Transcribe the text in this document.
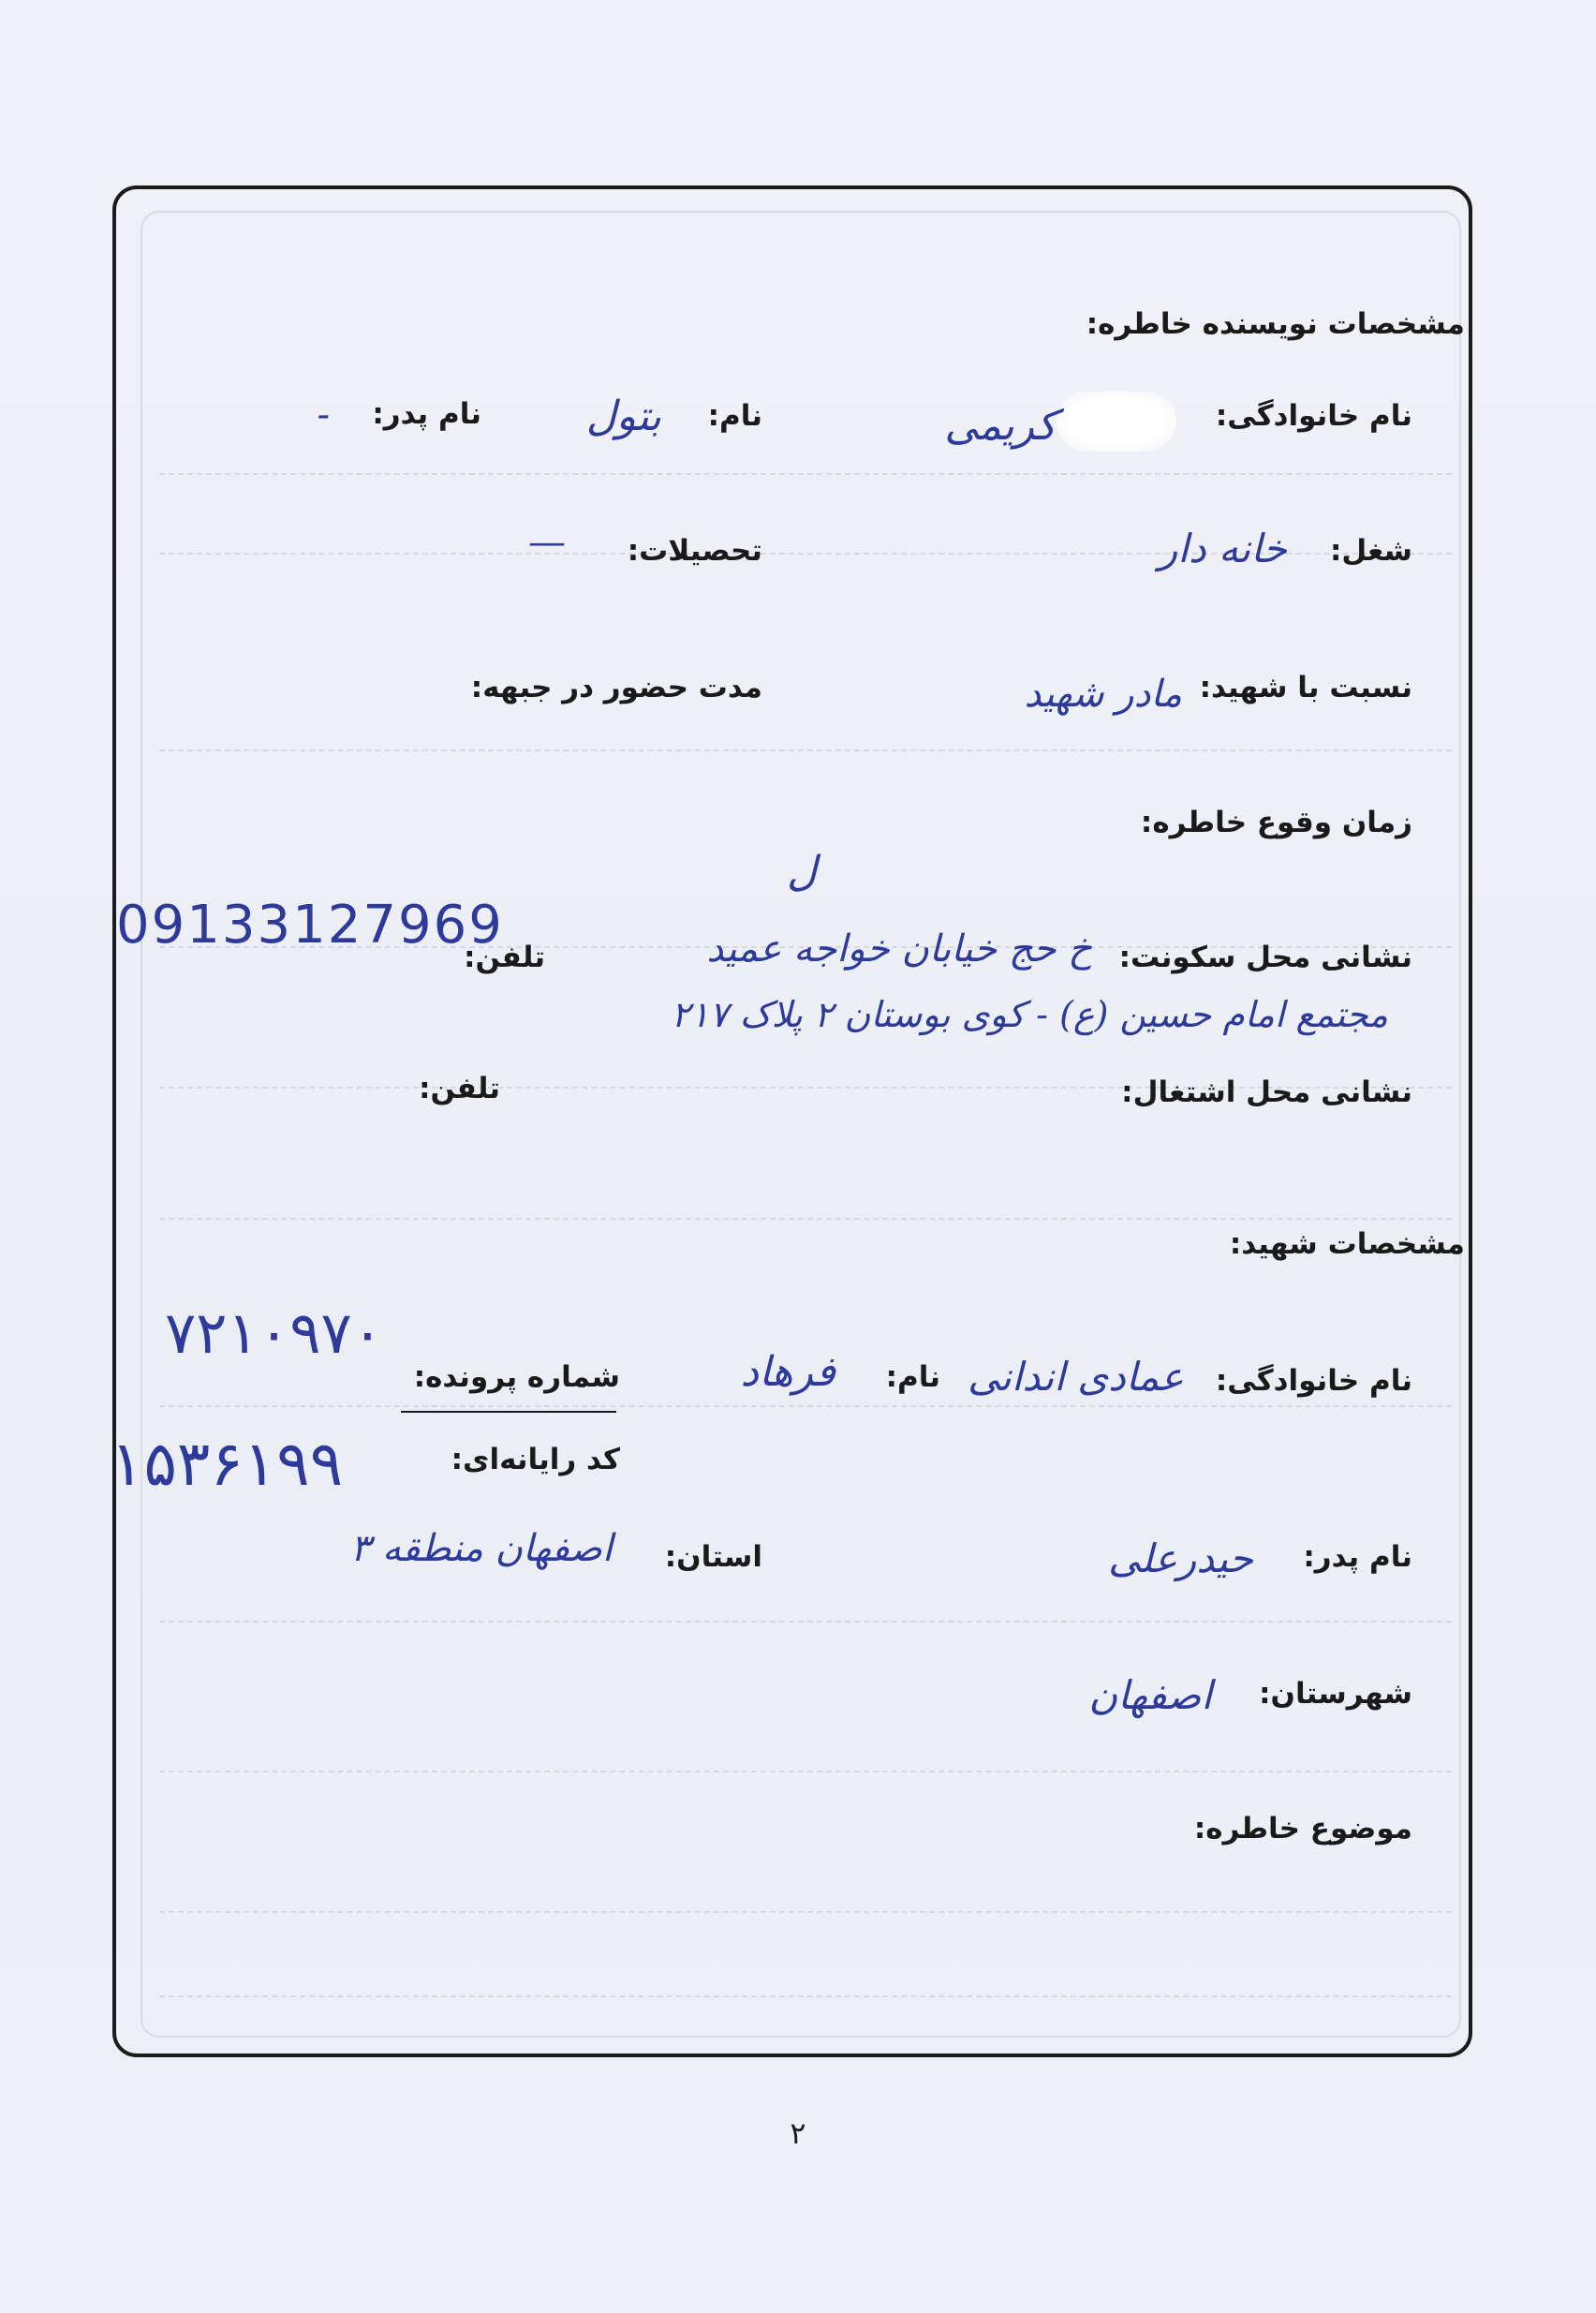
مشخصات نویسنده خاطره:
نام خانوادگی:
کریمی
نام:
بتول
نام پدر:
-
شغل:
خانه دار
تحصیلات:
—
نسبت با شهید:
مادر شهید
مدت حضور در جبهه:
زمان وقوع خاطره:
نشانی محل سکونت:
ل
خ حج خیابان خواجه عمید
مجتمع امام حسین (ع) - کوی بوستان ۲ پلاک ۲۱۷
تلفن:
09133127969
نشانی محل اشتغال:
تلفن:
مشخصات شهید:
نام خانوادگی:
عمادی اندانی
نام:
فرهاد
۷۲۱۰۹۷۰
شماره پرونده:
۱۵۳۶۱۹۹	کد رایانه‌ای:
نام پدر:
حیدرعلی
استان:
اصفهان منطقه ۳
شهرستان:
اصفهان
موضوع خاطره:
۲
